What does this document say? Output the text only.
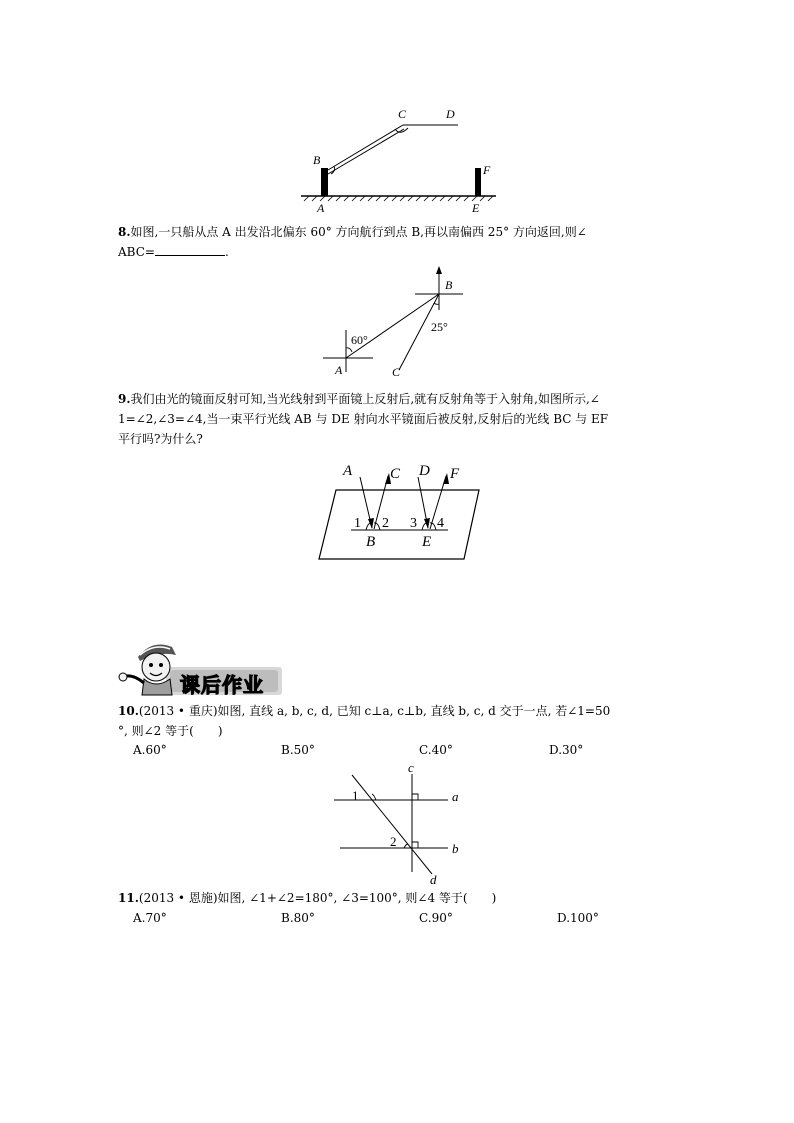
C	D
B
F
A	E
8.如图,一只船从点 A 出发沿北偏东 60° 方向航行到点 B,再以南偏西 25° 方向返回,则∠
ABC=	.
60°
25°
A
B
C
9.我们由光的镜面反射可知,当光线射到平面镜上反射后,就有反射角等于入射角,如图所示,∠
1=∠2,∠3=∠4,当一束平行光线 AB 与 DE 射向水平镜面后被反射,反射后的光线 BC 与 EF
平行吗?为什么?
A	C D F
1 2 3 4
B	E
课后作业
10.(2013 • 重庆)如图, 直线 a, b, c, d, 已知 c⊥a, c⊥b, 直线 b, c, d 交于一点, 若∠1=50
°, 则∠2 等于(　　)
A.60°	B.50°	C.40°	D.30°
c
a
b
d
1
2
11.(2013 • 恩施)如图, ∠1+∠2=180°, ∠3=100°, 则∠4 等于(　　)
A.70°	B.80°	C.90°	D.100°
